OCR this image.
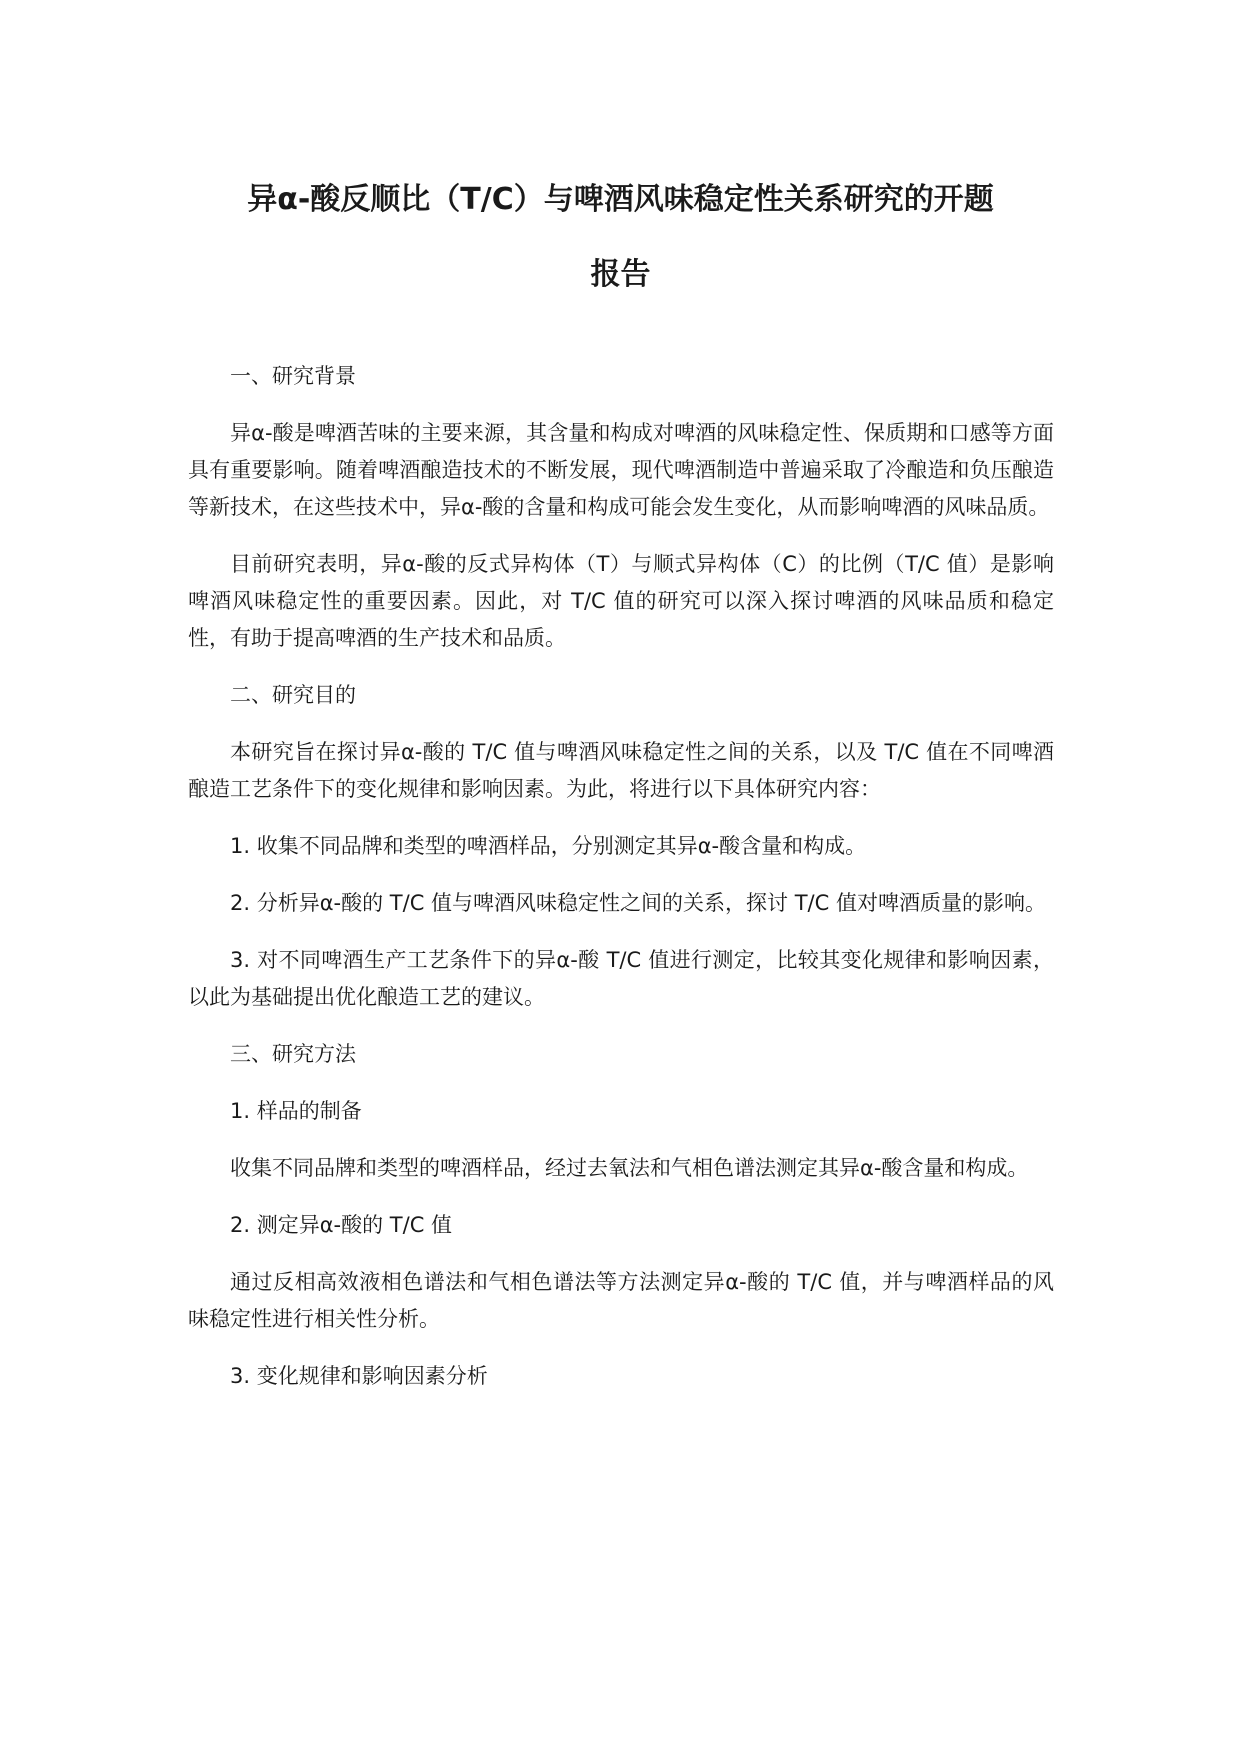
异α-酸反顺比（T/C）与啤酒风味稳定性关系研究的开题
报告

一、研究背景

异α-酸是啤酒苦味的主要来源，其含量和构成对啤酒的风味稳定性、保质期和口感等方面具有重要影响。随着啤酒酿造技术的不断发展，现代啤酒制造中普遍采取了冷酿造和负压酿造等新技术，在这些技术中，异α-酸的含量和构成可能会发生变化，从而影响啤酒的风味品质。

目前研究表明，异α-酸的反式异构体（T）与顺式异构体（C）的比例（T/C 值）是影响啤酒风味稳定性的重要因素。因此，对 T/C 值的研究可以深入探讨啤酒的风味品质和稳定性，有助于提高啤酒的生产技术和品质。

二、研究目的

本研究旨在探讨异α-酸的 T/C 值与啤酒风味稳定性之间的关系，以及 T/C 值在不同啤酒酿造工艺条件下的变化规律和影响因素。为此，将进行以下具体研究内容：

1. 收集不同品牌和类型的啤酒样品，分别测定其异α-酸含量和构成。

2. 分析异α-酸的 T/C 值与啤酒风味稳定性之间的关系，探讨 T/C 值对啤酒质量的影响。

3. 对不同啤酒生产工艺条件下的异α-酸 T/C 值进行测定，比较其变化规律和影响因素，以此为基础提出优化酿造工艺的建议。

三、研究方法

1. 样品的制备

收集不同品牌和类型的啤酒样品，经过去氧法和气相色谱法测定其异α-酸含量和构成。

2. 测定异α-酸的 T/C 值

通过反相高效液相色谱法和气相色谱法等方法测定异α-酸的 T/C 值，并与啤酒样品的风味稳定性进行相关性分析。

3. 变化规律和影响因素分析
